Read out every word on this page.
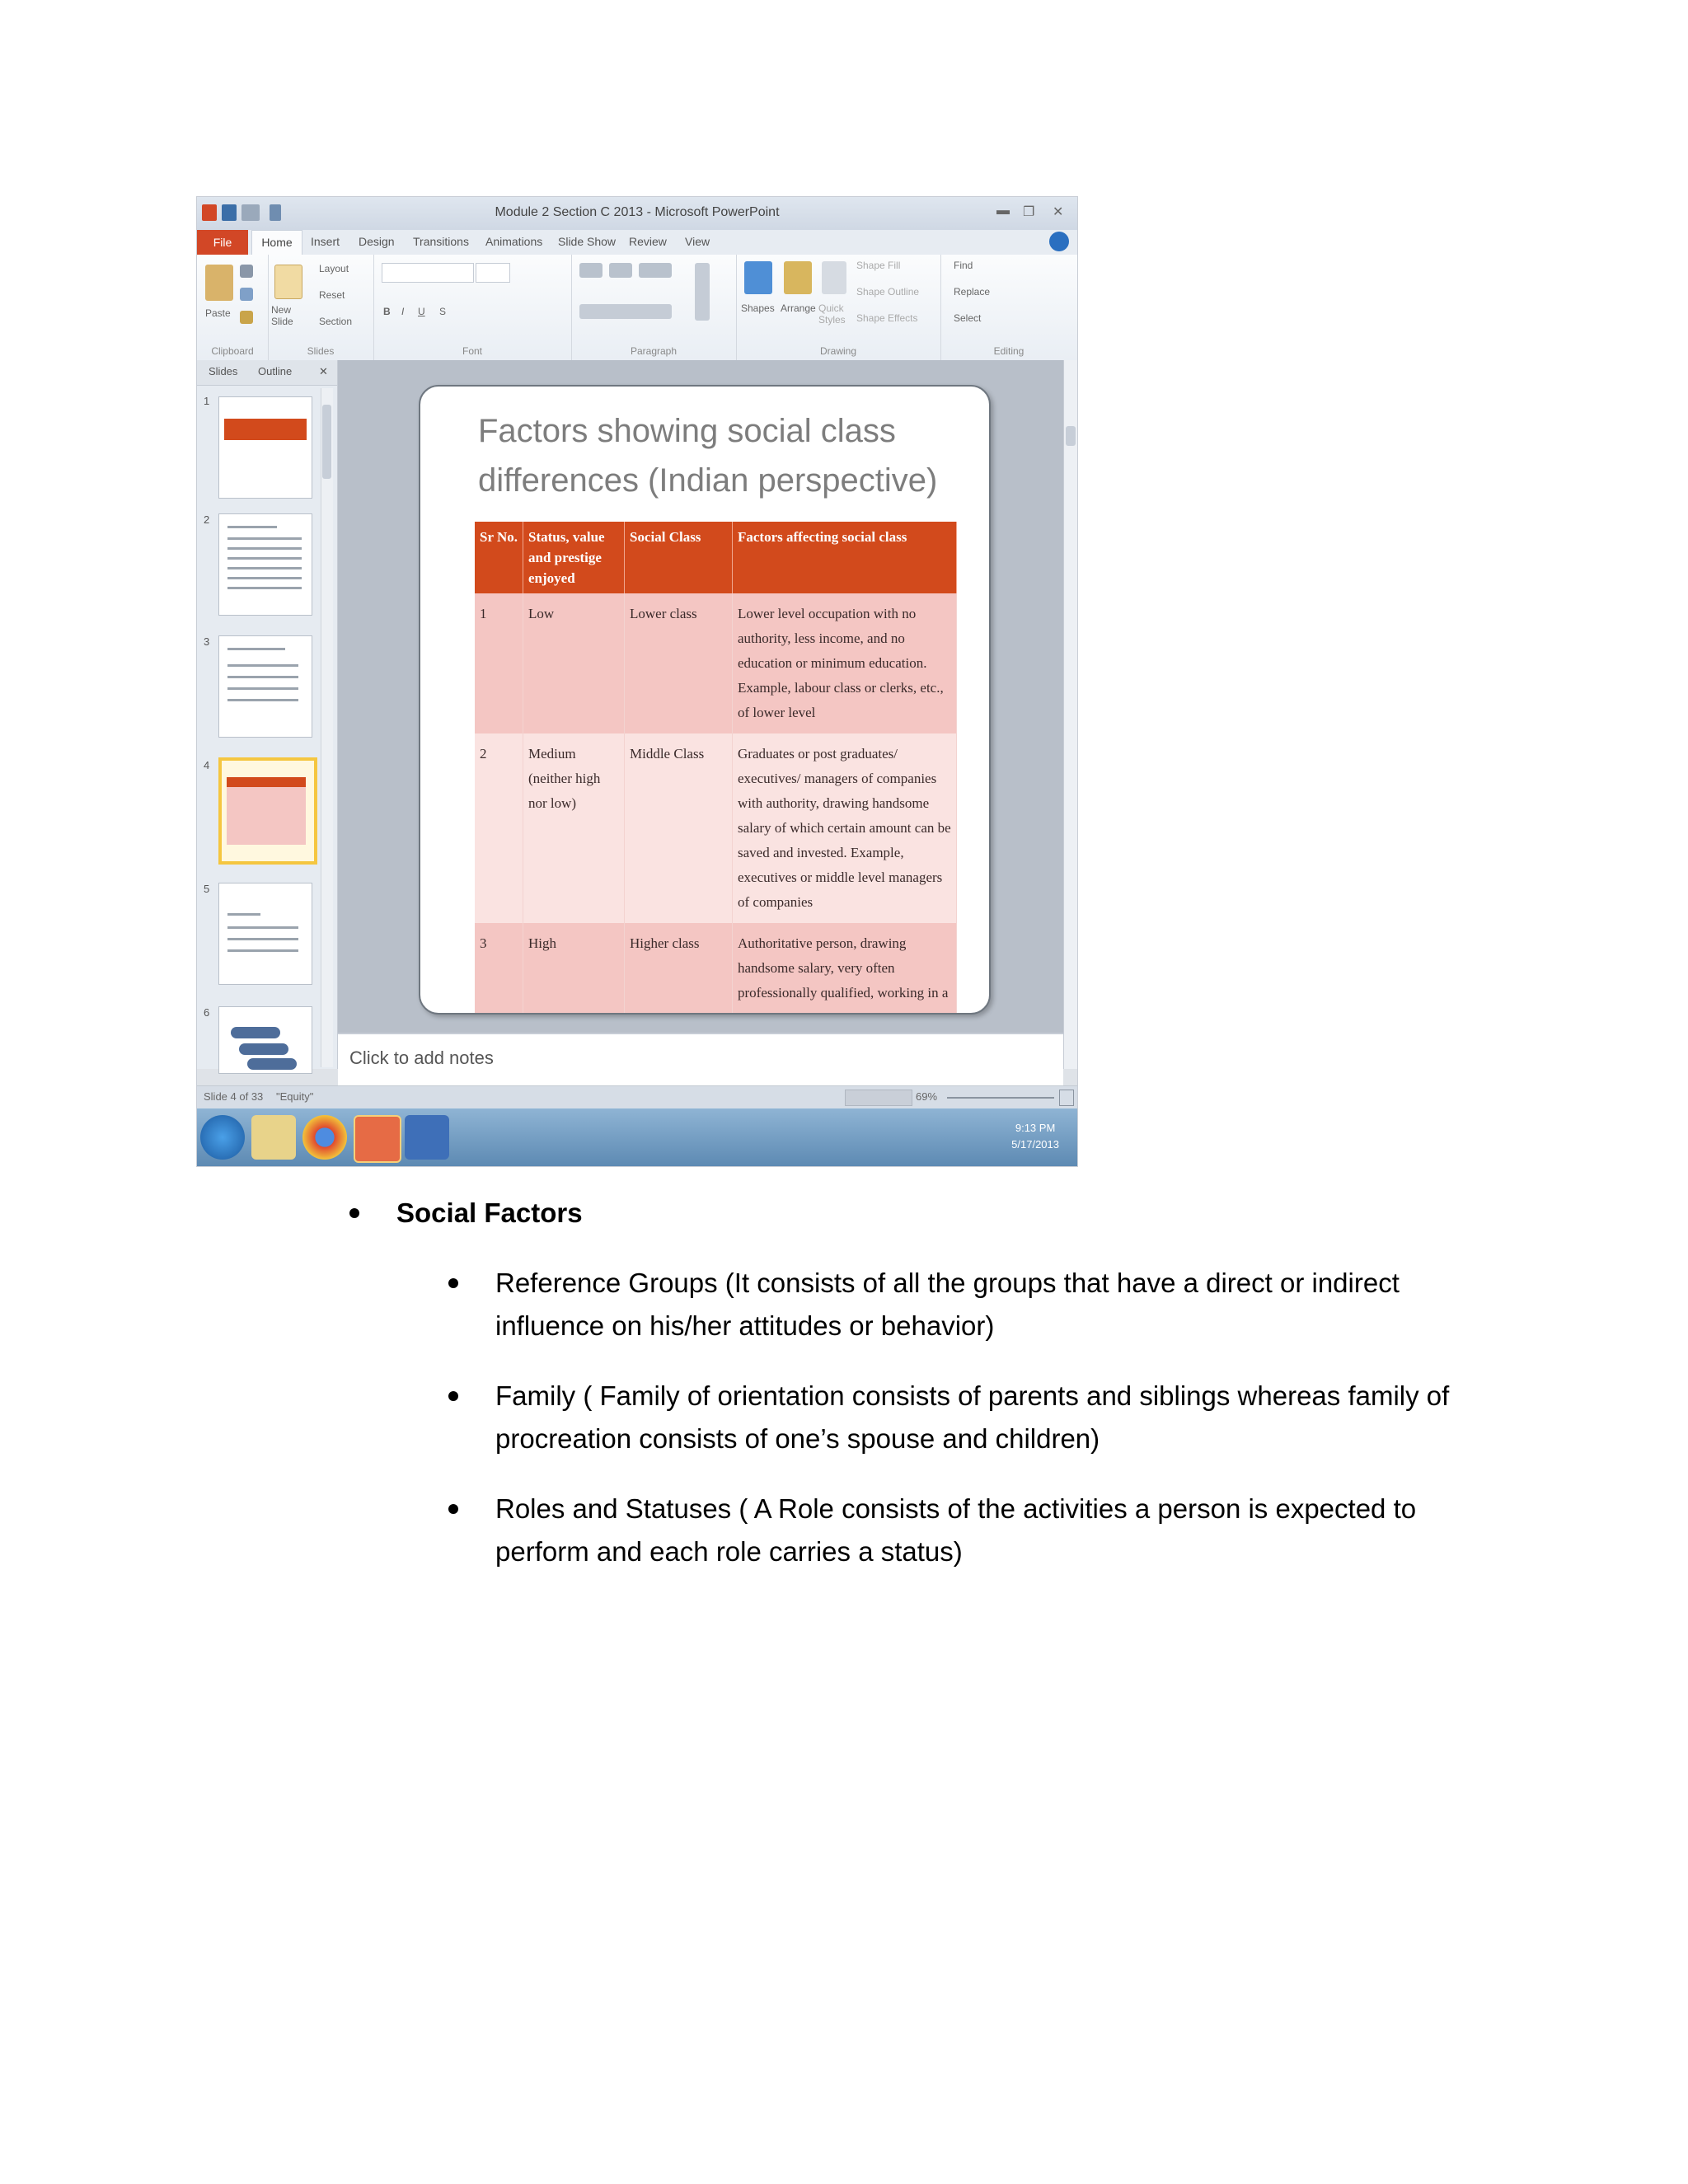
Module 2 Section C 2013 - Microsoft PowerPoint	▬ ❐ ✕
File	Home	Insert Design Transitions Animations Slide Show Review View
Paste
Clipboard
New Slide
Layout
Reset
Section
Slides
B I U S
Font	Paragraph
Shapes Arrange Quick Styles
Shape Fill
Shape Outline
Shape Effects
Drawing
Find
Replace
Select
Editing
Slides Outline	✕
1
2
3
4
5
6
Factors showing social class differences (Indian perspective)
Sr No.	Status, value and prestige enjoyed	Social Class	Factors affecting social class
1	Low	Lower class	Lower level occupation with no authority, less income, and no education or minimum education. Example, labour class or clerks, etc., of lower level
2	Medium (neither high nor low)	Middle Class	Graduates or post graduates/ executives/ managers of companies with authority, drawing handsome salary of which certain amount can be saved and invested. Example, executives or middle level managers of companies
3	High	Higher class	Authoritative person, drawing handsome salary, very often professionally qualified, working in a
Click to add notes
Slide 4 of 33 "Equity"	69%
9:13 PM
5/17/2013
Social Factors
Reference Groups (It consists of all the groups that have a direct or indirect
influence on his/her attitudes or behavior)
Family ( Family of orientation consists of parents and siblings whereas family of
procreation consists of one’s spouse and children)
Roles and Statuses ( A Role consists of the activities a person is expected to
perform and each role carries a status)
